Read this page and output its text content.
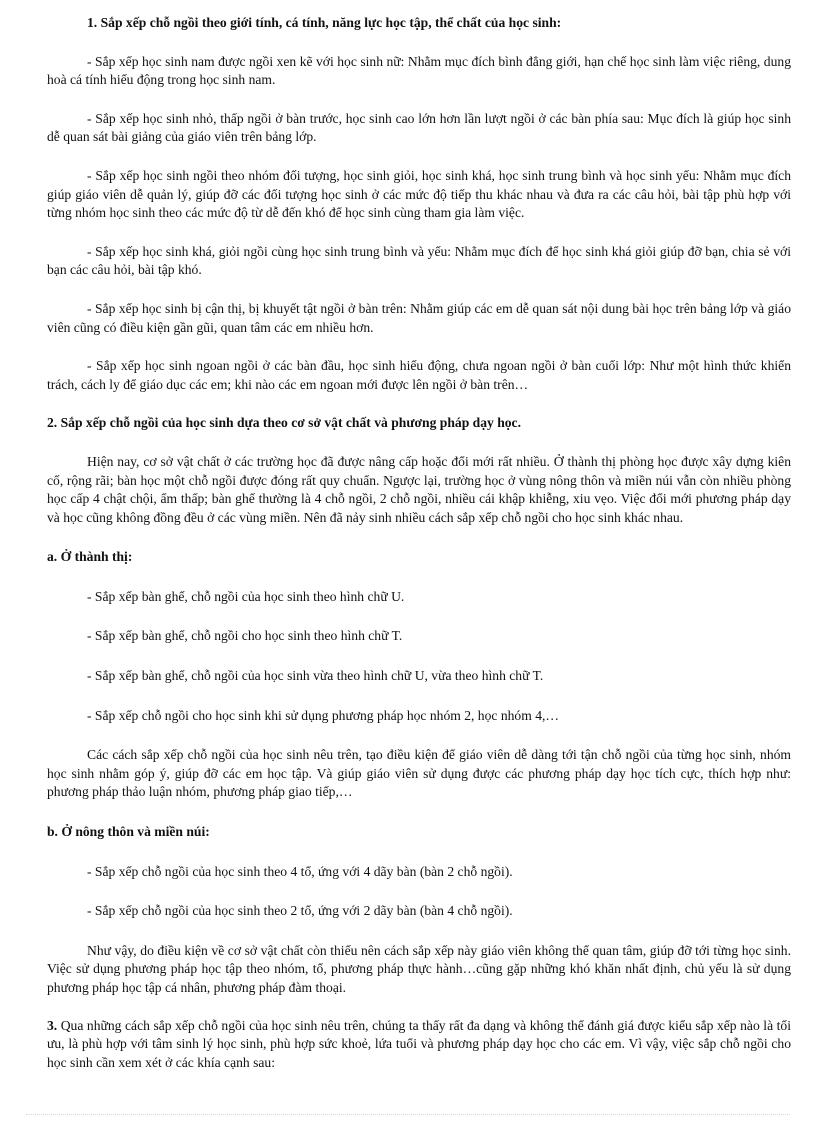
1. Sắp xếp chỗ ngồi theo giới tính, cá tính, năng lực học tập, thể chất của học sinh:

- Sắp xếp học sinh nam được ngồi xen kẽ với học sinh nữ: Nhằm mục đích bình đẳng giới, hạn chế học sinh làm việc riêng, dung hoà cá tính hiếu động trong học sinh nam.

- Sắp xếp học sinh nhỏ, thấp ngồi ở bàn trước, học sinh cao lớn hơn lần lượt ngồi ở các bàn phía sau: Mục đích là giúp học sinh dễ quan sát bài giảng của giáo viên trên bảng lớp.

- Sắp xếp học sinh ngồi theo nhóm đối tượng, học sinh giỏi, học sinh khá, học sinh trung bình và học sinh yếu: Nhằm mục đích giúp giáo viên dễ quản lý, giúp đỡ các đối tượng học sinh ở các mức độ tiếp thu khác nhau và đưa ra các câu hỏi, bài tập phù hợp với từng nhóm học sinh theo các mức độ từ dễ đến khó để học sinh cùng tham gia làm việc.

- Sắp xếp học sinh khá, giỏi ngồi cùng học sinh trung bình và yếu: Nhằm mục đích để học sinh khá giỏi giúp đỡ bạn, chia sẻ với bạn các câu hỏi, bài tập khó.

- Sắp xếp học sinh bị cận thị, bị khuyết tật ngồi ở bàn trên: Nhằm giúp các em dễ quan sát nội dung bài học trên bảng lớp và giáo viên cũng có điều kiện gần gũi, quan tâm các em nhiều hơn.

- Sắp xếp học sinh ngoan ngồi ở các bàn đầu, học sinh hiếu động, chưa ngoan ngồi ở bàn cuối lớp: Như một hình thức khiển trách, cách ly để giáo dục các em; khi nào các em ngoan mới được lên ngồi ở bàn trên…

2. Sắp xếp chỗ ngồi của học sinh dựa theo cơ sở vật chất và phương pháp dạy học.

Hiện nay, cơ sở vật chất ở các trường học đã được nâng cấp hoặc đổi mới rất nhiều. Ở thành thị phòng học được xây dựng kiên cố, rộng rãi; bàn học một chỗ ngồi được đóng rất quy chuẩn. Ngược lại, trường học ở vùng nông thôn và miền núi vẫn còn nhiều phòng học cấp 4 chật chội, ẩm thấp; bàn ghế thường là 4 chỗ ngồi, 2 chỗ ngồi, nhiều cái khập khiễng, xiu vẹo. Việc đổi mới phương pháp dạy và học cũng không đồng đều ở các vùng miền. Nên đã nảy sinh nhiều cách sắp xếp chỗ ngồi cho học sinh khác nhau.

a. Ở thành thị:

- Sắp xếp bàn ghế, chỗ ngồi của học sinh theo hình chữ U.

- Sắp xếp bàn ghế, chỗ ngồi cho học sinh theo hình chữ T.

- Sắp xếp bàn ghế, chỗ ngồi của học sinh vừa theo hình chữ U, vừa theo hình chữ T.

- Sắp xếp chỗ ngồi cho học sinh khi sử dụng phương pháp học nhóm 2, học nhóm 4,…

Các cách sắp xếp chỗ ngồi của học sinh nêu trên, tạo điều kiện để giáo viên dễ dàng tới tận chỗ ngồi của từng học sinh, nhóm học sinh nhằm góp ý, giúp đỡ các em học tập. Và giúp giáo viên sử dụng được các phương pháp dạy học tích cực, thích hợp như: phương pháp thảo luận nhóm, phương pháp giao tiếp,…

b. Ở nông thôn và miền núi:

- Sắp xếp chỗ ngồi của học sinh theo 4 tổ, ứng với 4 dãy bàn (bàn 2 chỗ ngồi).

- Sắp xếp chỗ ngồi của học sinh theo 2 tổ, ứng với 2 dãy bàn (bàn 4 chỗ ngồi).

Như vậy, do điều kiện về cơ sở vật chất còn thiếu nên cách sắp xếp này giáo viên không thể quan tâm, giúp đỡ tới từng học sinh. Việc sử dụng phương pháp học tập theo nhóm, tổ, phương pháp thực hành…cũng gặp những khó khăn nhất định, chủ yếu là sử dụng phương pháp học tập cá nhân, phương pháp đàm thoại.

3. Qua những cách sắp xếp chỗ ngồi của học sinh nêu trên, chúng ta thấy rất đa dạng và không thể đánh giá được kiểu sắp xếp nào là tối ưu, là phù hợp với tâm sinh lý học sinh, phù hợp sức khoẻ, lứa tuổi và phương pháp dạy học cho các em. Vì vậy, việc sắp chỗ ngồi cho học sinh cần xem xét ở các khía cạnh sau:
